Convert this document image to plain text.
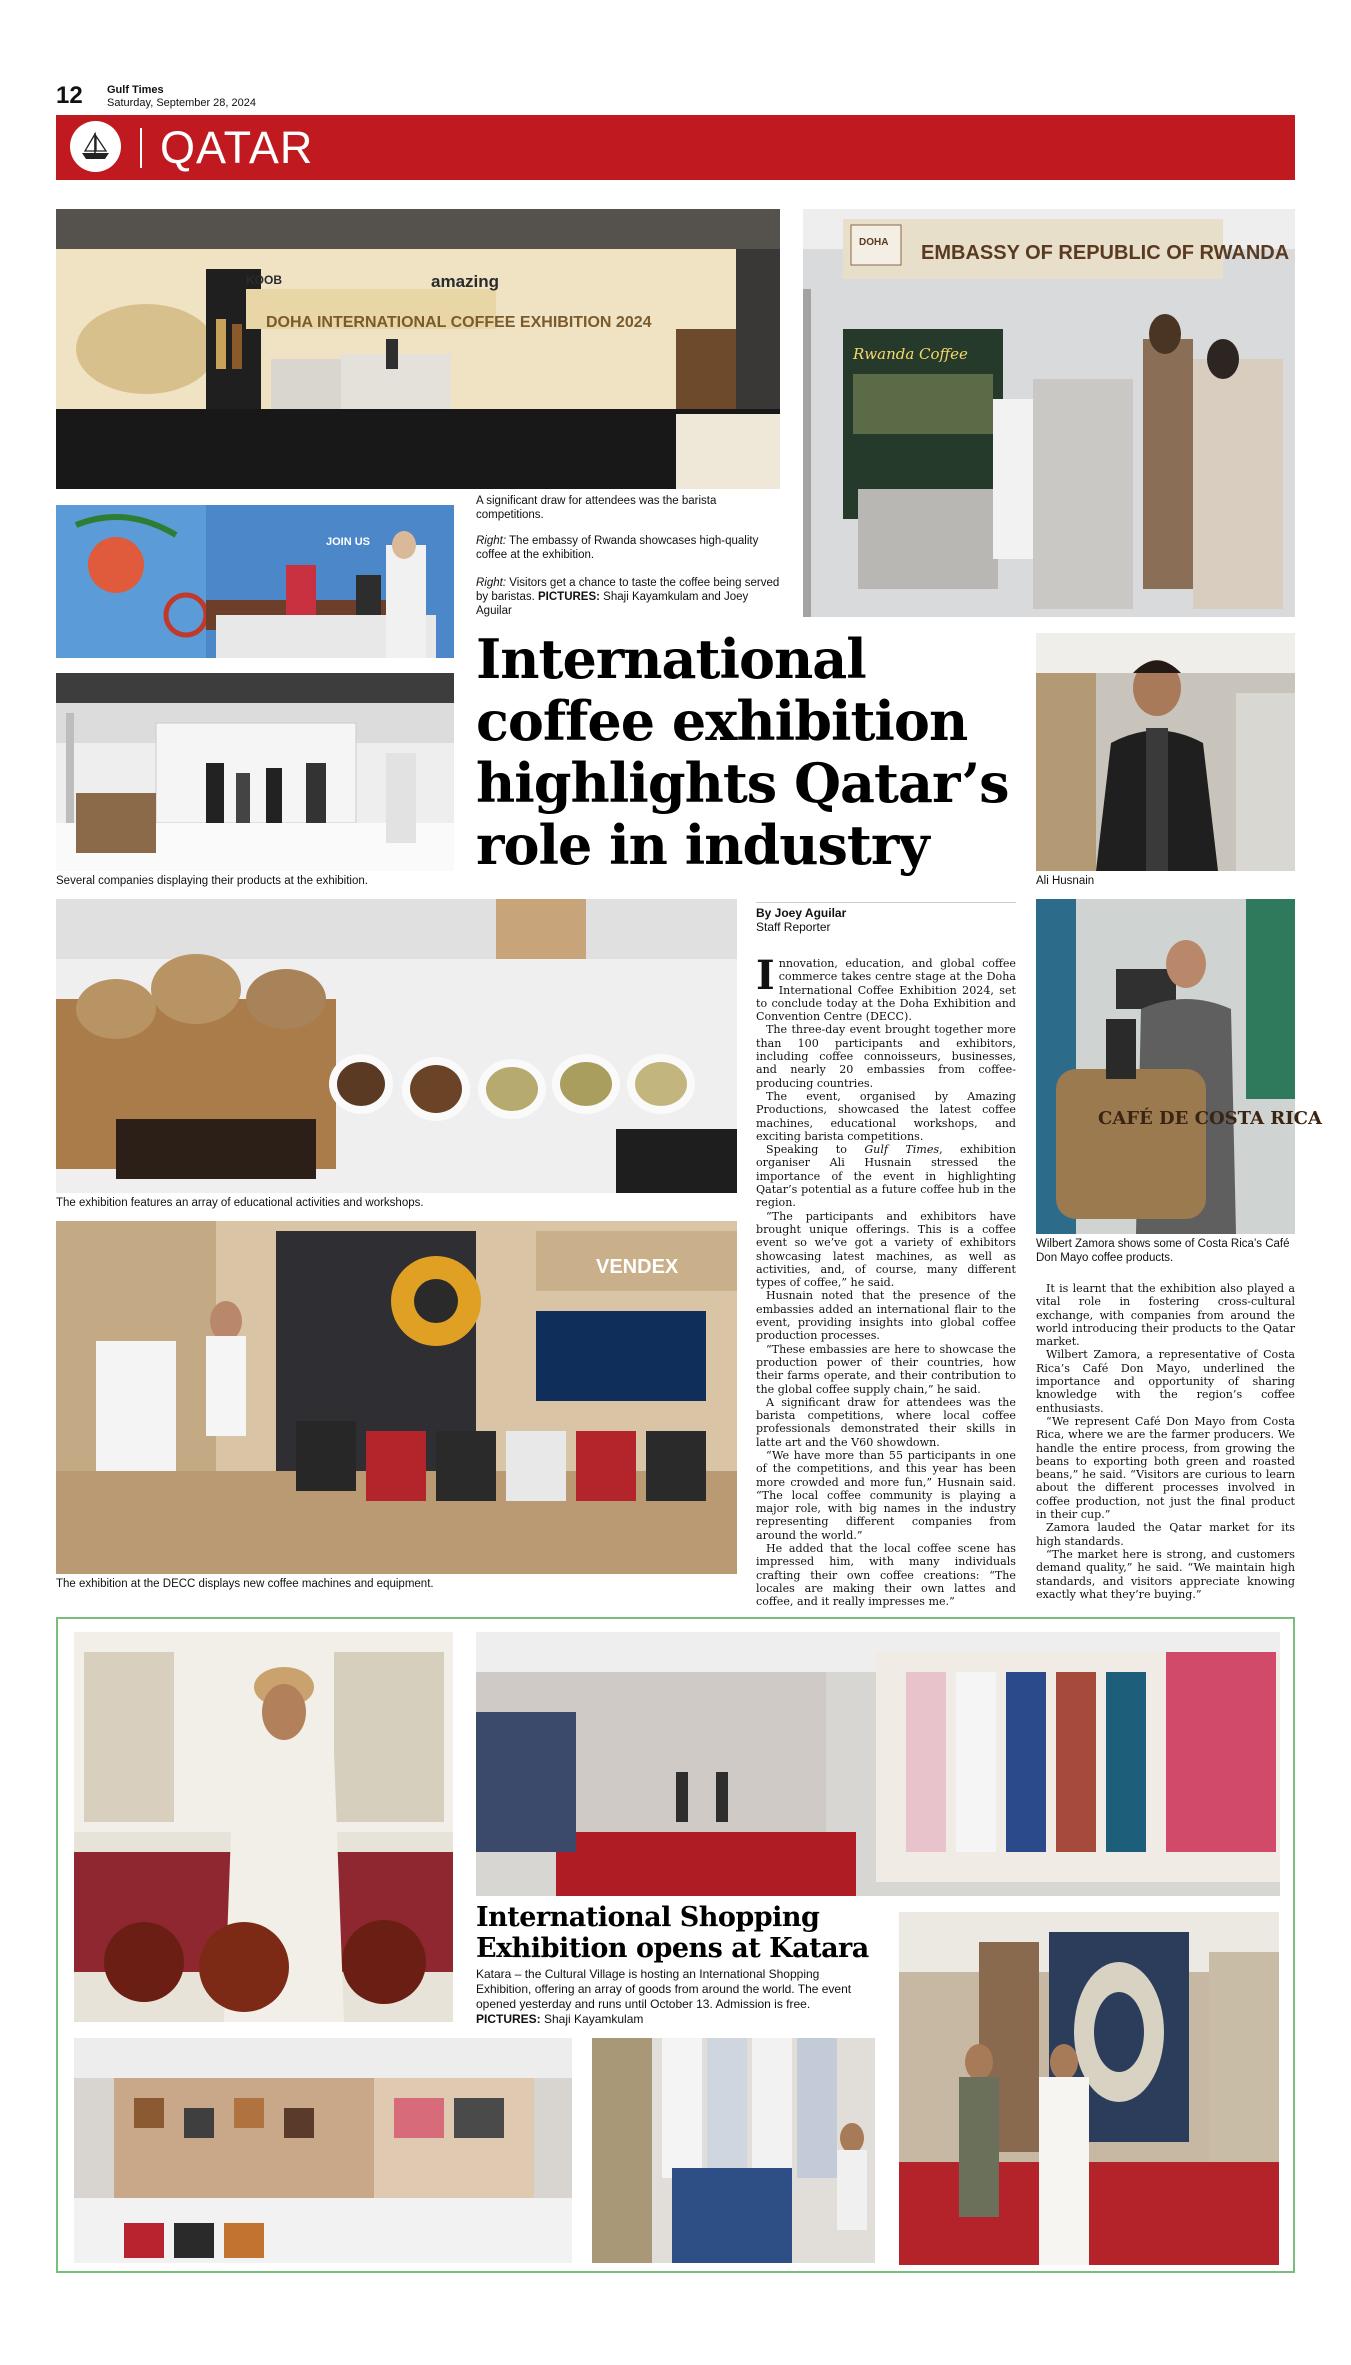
12 Gulf Times
Saturday, September 28, 2024
QATAR
DOHA INTERNATIONAL COFFEE EXHIBITION 2024
amazing
KOOB
EMBASSY OF REPUBLIC OF RWANDA
DOHA
Rwanda Coffee
JOIN US
A significant draw for attendees was the barista competitions.
Right: The embassy of Rwanda showcases high-quality coffee at the exhibition.
Right: Visitors get a chance to taste the coffee being served by baristas. PICTURES: Shaji Kayamkulam and Joey Aguilar
Several companies displaying their products at the exhibition.
International coffee exhibition highlights Qatar’s role in industry
Ali Husnain
The exhibition features an array of educational activities and workshops.
By Joey Aguilar
Staff Reporter

Innovation, education, and global coffee commerce takes centre stage at the Doha International Coffee Exhibition 2024, set to conclude today at the Doha Exhibition and Convention Centre (DECC).

The three-day event brought together more than 100 participants and exhibitors, including coffee connoisseurs, businesses, and nearly 20 embassies from coffee-producing countries.

The event, organised by Amazing Productions, showcased the latest coffee machines, educational workshops, and exciting barista competitions.

Speaking to Gulf Times, exhibition organiser Ali Husnain stressed the importance of the event in highlighting Qatar’s potential as a future coffee hub in the region.

“The participants and exhibitors have brought unique offerings. This is a coffee event so we’ve got a variety of exhibitors showcasing latest machines, as well as activities, and, of course, many different types of coffee,” he said.

Husnain noted that the presence of the embassies added an international flair to the event, providing insights into global coffee production processes.

“These embassies are here to showcase the production power of their countries, how their farms operate, and their contribution to the global coffee supply chain,” he said.

A significant draw for attendees was the barista competitions, where local coffee professionals demonstrated their skills in latte art and the V60 showdown.

“We have more than 55 participants in one of the competitions, and this year has been more crowded and more fun,” Husnain said. “The local coffee community is playing a major role, with big names in the industry representing different companies from around the world.”

He added that the local coffee scene has impressed him, with many individuals crafting their own coffee creations: “The locales are making their own lattes and coffee, and it really impresses me.”

CAFÉ DE COSTA RICA
Wilbert Zamora shows some of Costa Rica’s Café Don Mayo coffee products.

It is learnt that the exhibition also played a vital role in fostering cross-cultural exchange, with companies from around the world introducing their products to the Qatar market.

Wilbert Zamora, a representative of Costa Rica’s Café Don Mayo, underlined the importance and opportunity of sharing knowledge with the region’s coffee enthusiasts.

“We represent Café Don Mayo from Costa Rica, where we are the farmer producers. We handle the entire process, from growing the beans to exporting both green and roasted beans,” he said. “Visitors are curious to learn about the different processes involved in coffee production, not just the final product in their cup.”

Zamora lauded the Qatar market for its high standards.

“The market here is strong, and customers demand quality,” he said. “We maintain high standards, and visitors appreciate knowing exactly what they’re buying.”

VENDEX
The exhibition at the DECC displays new coffee machines and equipment.
International Shopping Exhibition opens at Katara
Katara – the Cultural Village is hosting an International Shopping Exhibition, offering an array of goods from around the world. The event opened yesterday and runs until October 13. Admission is free. PICTURES: Shaji Kayamkulam
